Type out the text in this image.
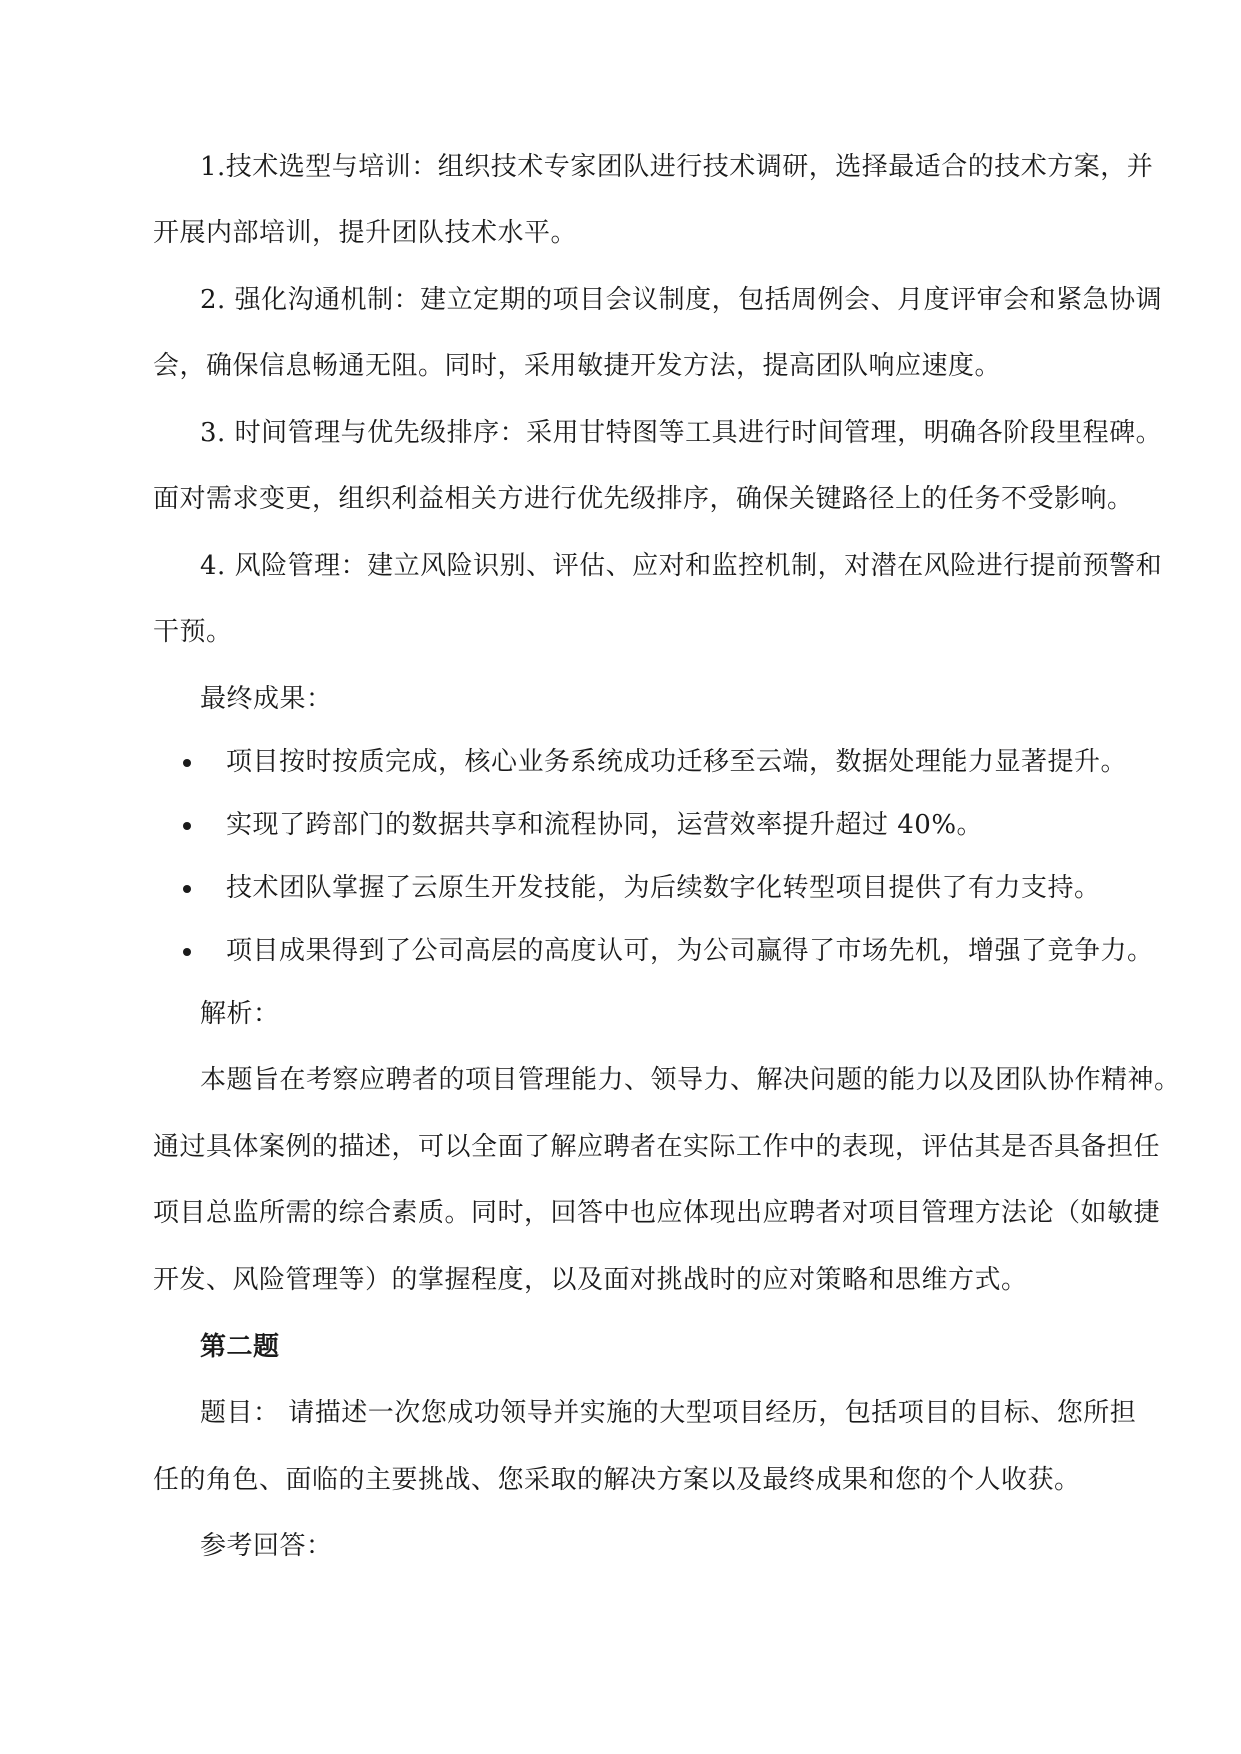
1.技术选型与培训：组织技术专家团队进行技术调研，选择最适合的技术方案，并
开展内部培训，提升团队技术水平。
2. 强化沟通机制：建立定期的项目会议制度，包括周例会、月度评审会和紧急协调
会，确保信息畅通无阻。同时，采用敏捷开发方法，提高团队响应速度。
3. 时间管理与优先级排序：采用甘特图等工具进行时间管理，明确各阶段里程碑。
面对需求变更，组织利益相关方进行优先级排序，确保关键路径上的任务不受影响。
4. 风险管理：建立风险识别、评估、应对和监控机制，对潜在风险进行提前预警和
干预。
最终成果：
项目按时按质完成，核心业务系统成功迁移至云端，数据处理能力显著提升。
实现了跨部门的数据共享和流程协同，运营效率提升超过 40%。
技术团队掌握了云原生开发技能，为后续数字化转型项目提供了有力支持。
项目成果得到了公司高层的高度认可，为公司赢得了市场先机，增强了竞争力。
解析：
本题旨在考察应聘者的项目管理能力、领导力、解决问题的能力以及团队协作精神。
通过具体案例的描述，可以全面了解应聘者在实际工作中的表现，评估其是否具备担任
项目总监所需的综合素质。同时，回答中也应体现出应聘者对项目管理方法论（如敏捷
开发、风险管理等）的掌握程度，以及面对挑战时的应对策略和思维方式。
第二题
题目： 请描述一次您成功领导并实施的大型项目经历，包括项目的目标、您所担
任的角色、面临的主要挑战、您采取的解决方案以及最终成果和您的个人收获。
参考回答：
